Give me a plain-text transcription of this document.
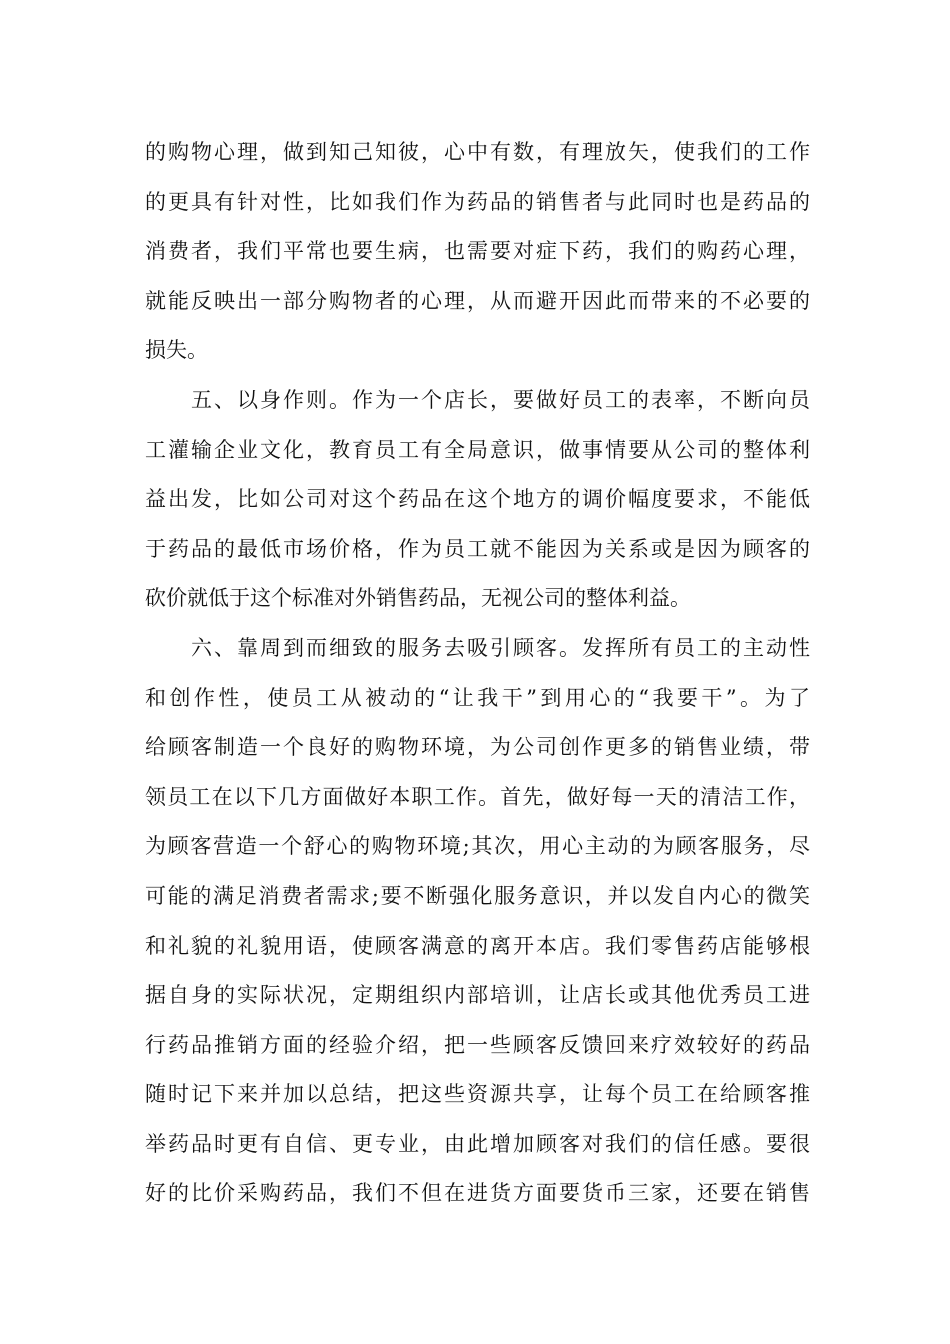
的购物心理，做到知己知彼，心中有数，有理放矢，使我们的工作
的更具有针对性，比如我们作为药品的销售者与此同时也是药品的
消费者，我们平常也要生病，也需要对症下药，我们的购药心理，
就能反映出一部分购物者的心理，从而避开因此而带来的不必要的
损失。
五、以身作则。作为一个店长，要做好员工的表率，不断向员
工灌输企业文化，教育员工有全局意识，做事情要从公司的整体利
益出发，比如公司对这个药品在这个地方的调价幅度要求，不能低
于药品的最低市场价格，作为员工就不能因为关系或是因为顾客的
砍价就低于这个标准对外销售药品，无视公司的整体利益。
六、靠周到而细致的服务去吸引顾客。发挥所有员工的主动性
和创作性，使员工从被动的“让我干”到用心的“我要干”。为了
给顾客制造一个良好的购物环境，为公司创作更多的销售业绩，带
领员工在以下几方面做好本职工作。首先，做好每一天的清洁工作，
为顾客营造一个舒心的购物环境;其次，用心主动的为顾客服务，尽
可能的满足消费者需求;要不断强化服务意识，并以发自内心的微笑
和礼貌的礼貌用语，使顾客满意的离开本店。我们零售药店能够根
据自身的实际状况，定期组织内部培训，让店长或其他优秀员工进
行药品推销方面的经验介绍，把一些顾客反馈回来疗效较好的药品
随时记下来并加以总结，把这些资源共享，让每个员工在给顾客推
举药品时更有自信、更专业，由此增加顾客对我们的信任感。要很
好的比价采购药品，我们不但在进货方面要货币三家，还要在销售
